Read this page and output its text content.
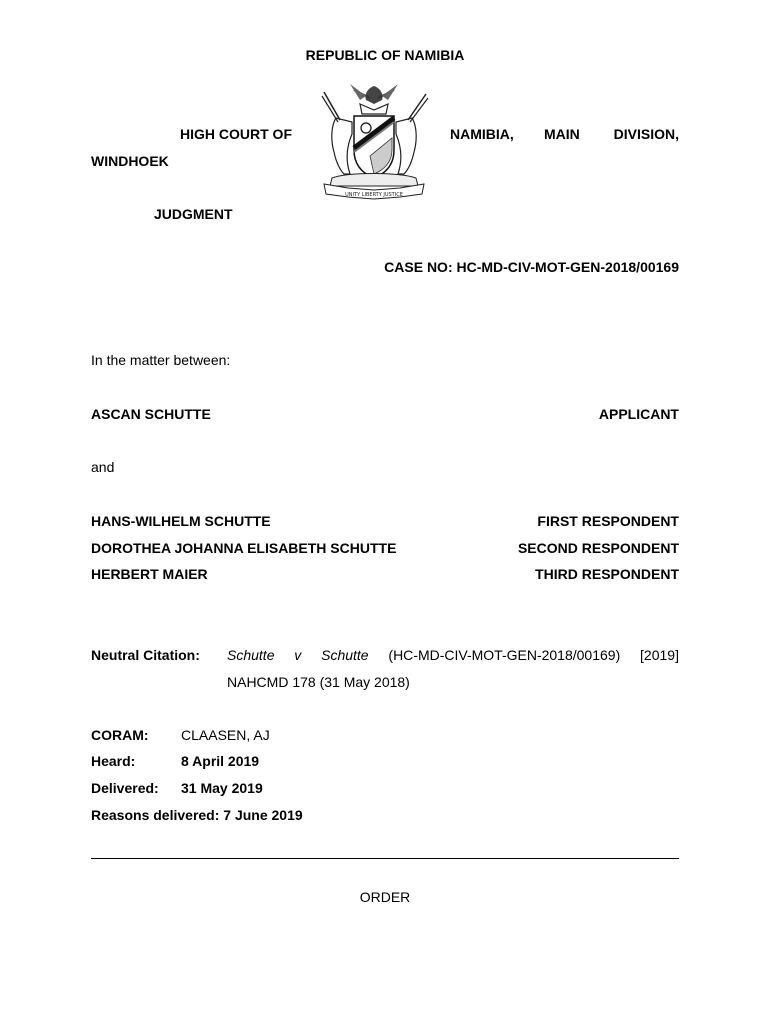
REPUBLIC OF NAMIBIA
UNITY LIBERTY JUSTICE
HIGH COURT OF	NAMIBIA, MAIN DIVISION,
WINDHOEK
JUDGMENT
CASE NO: HC-MD-CIV-MOT-GEN-2018/00169
In the matter between:
ASCAN SCHUTTE	APPLICANT
and
HANS-WILHELM SCHUTTE	FIRST RESPONDENT
DOROTHEA JOHANNA ELISABETH SCHUTTE	SECOND RESPONDENT
HERBERT MAIER	THIRD RESPONDENT
Neutral Citation: Schutte v Schutte (HC-MD-CIV-MOT-GEN-2018/00169) [2019]
NAHCMD 178 (31 May 2018)
CORAM: CLAASEN, AJ
Heard:	8 April 2019
Delivered: 31 May 2019
Reasons delivered: 7 June 2019
ORDER
